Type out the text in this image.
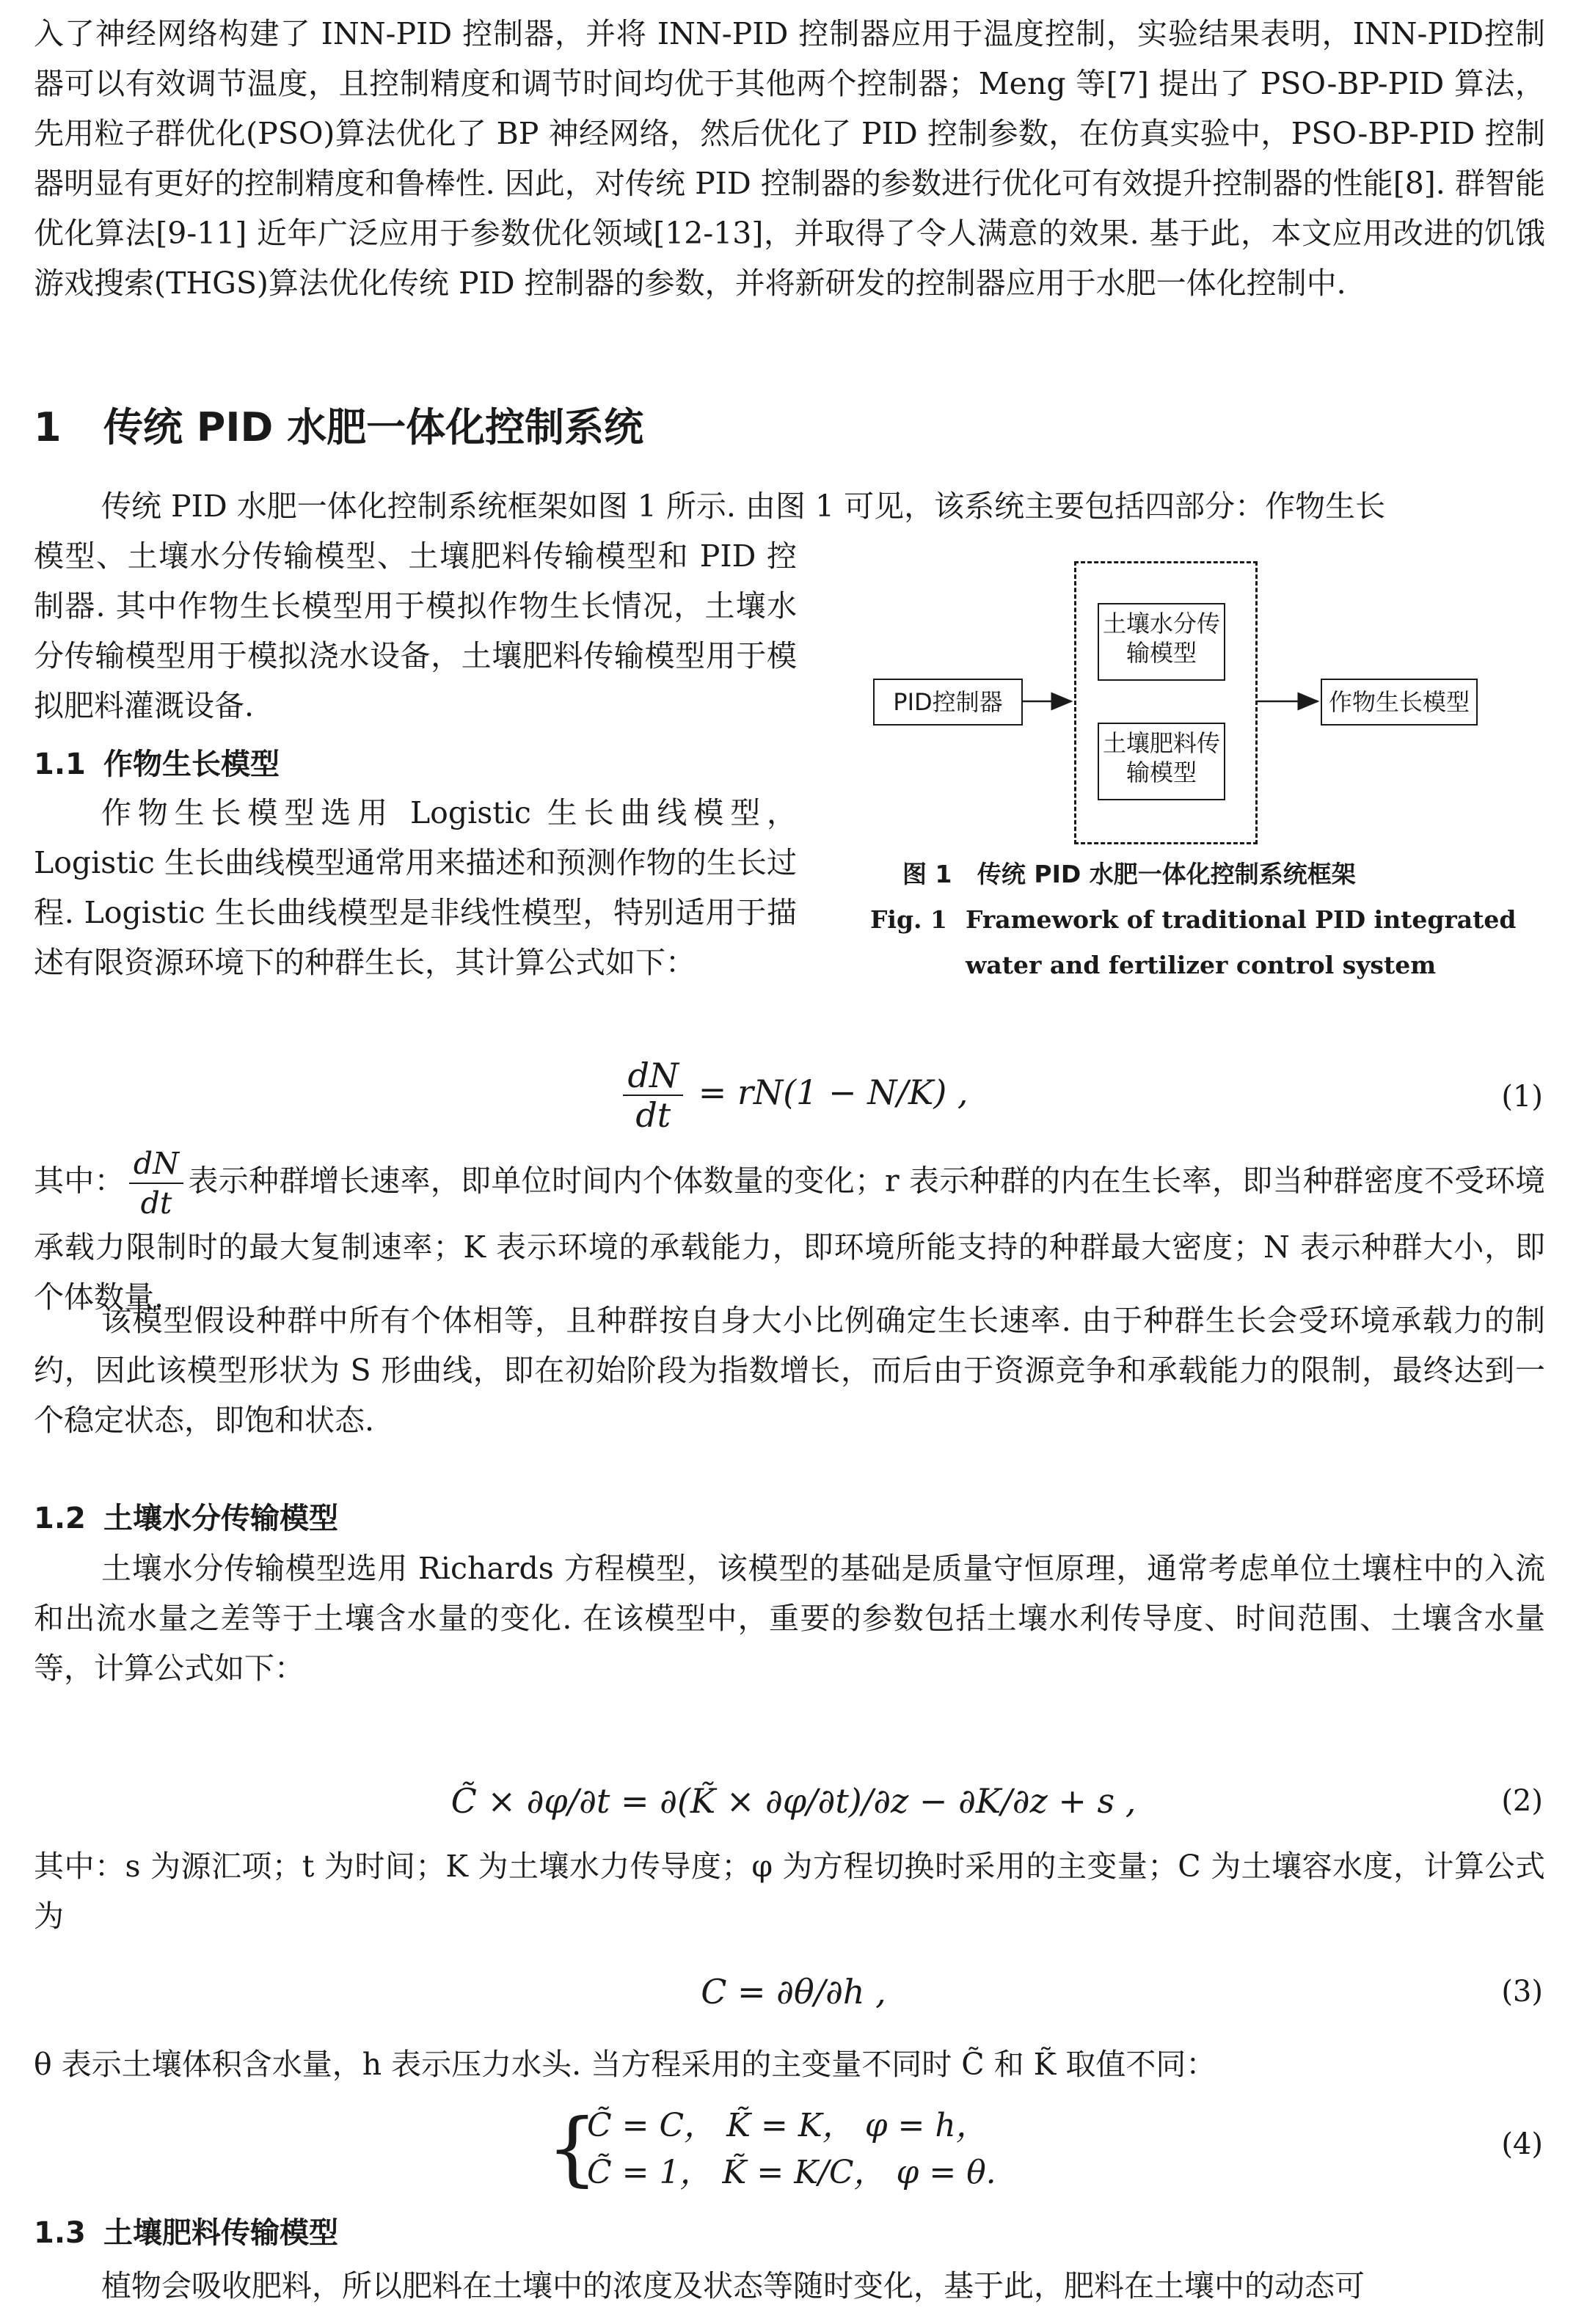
入了神经网络构建了 INN-PID 控制器，并将 INN-PID 控制器应用于温度控制，实验结果表明，INN-PID控制器可以有效调节温度，且控制精度和调节时间均优于其他两个控制器；Meng 等[7] 提出了 PSO-BP-PID 算法，先用粒子群优化(PSO)算法优化了 BP 神经网络，然后优化了 PID 控制参数，在仿真实验中，PSO-BP-PID 控制器明显有更好的控制精度和鲁棒性. 因此，对传统 PID 控制器的参数进行优化可有效提升控制器的性能[8]. 群智能优化算法[9-11] 近年广泛应用于参数优化领域[12-13]，并取得了令人满意的效果. 基于此，本文应用改进的饥饿游戏搜索(THGS)算法优化传统 PID 控制器的参数，并将新研发的控制器应用于水肥一体化控制中.

1 传统 PID 水肥一体化控制系统

传统 PID 水肥一体化控制系统框架如图 1 所示. 由图 1 可见，该系统主要包括四部分：作物生长

模型、土壤水分传输模型、土壤肥料传输模型和 PID 控制器. 其中作物生长模型用于模拟作物生长情况，土壤水分传输模型用于模拟浇水设备，土壤肥料传输模型用于模拟肥料灌溉设备.	PID控制器
土壤水分传输模型
土壤肥料传输模型
作物生长模型

图 1 传统 PID 水肥一体化控制系统框架

Fig. 1 Framework of traditional PID integrated

water and fertilizer control system

1.1 作物生长模型

作物生长模型选用 Logistic 生长曲线模型，Logistic 生长曲线模型通常用来描述和预测作物的生长过程. Logistic 生长曲线模型是非线性模型，特别适用于描述有限资源环境下的种群生长，其计算公式如下：

$\frac{dN}{dt} = rN(1 - N/K)$ ,	(1)

其中： $\frac{dN}{dt}$ 表示种群增长速率，即单位时间内个体数量的变化；r 表示种群的内在生长率，即当种群密度不受环境承载力限制时的最大复制速率；K 表示环境的承载能力，即环境所能支持的种群最大密度；N 表示种群大小，即个体数量.

该模型假设种群中所有个体相等，且种群按自身大小比例确定生长速率. 由于种群生长会受环境承载力的制约，因此该模型形状为 S 形曲线，即在初始阶段为指数增长，而后由于资源竞争和承载能力的限制，最终达到一个稳定状态，即饱和状态.

1.2 土壤水分传输模型

土壤水分传输模型选用 Richards 方程模型，该模型的基础是质量守恒原理，通常考虑单位土壤柱中的入流和出流水量之差等于土壤含水量的变化. 在该模型中，重要的参数包括土壤水利传导度、时间范围、土壤含水量等，计算公式如下：

C̃ × ∂φ/∂t = ∂(K̃ × ∂φ/∂t)/∂z − ∂K/∂z + s ,	(2)

其中：s 为源汇项；t 为时间；K 为土壤水力传导度；φ 为方程切换时采用的主变量；C 为土壤容水度，计算公式为

C = ∂θ/∂h ,	(3)

θ 表示土壤体积含水量，h 表示压力水头. 当方程采用的主变量不同时 C̃ 和 K̃ 取值不同：

{
C̃ = C， K̃ = K， φ = h，
C̃ = 1， K̃ = K/C， φ = θ.
(4)
1.3 土壤肥料传输模型

植物会吸收肥料，所以肥料在土壤中的浓度及状态等随时变化，基于此，肥料在土壤中的动态可
